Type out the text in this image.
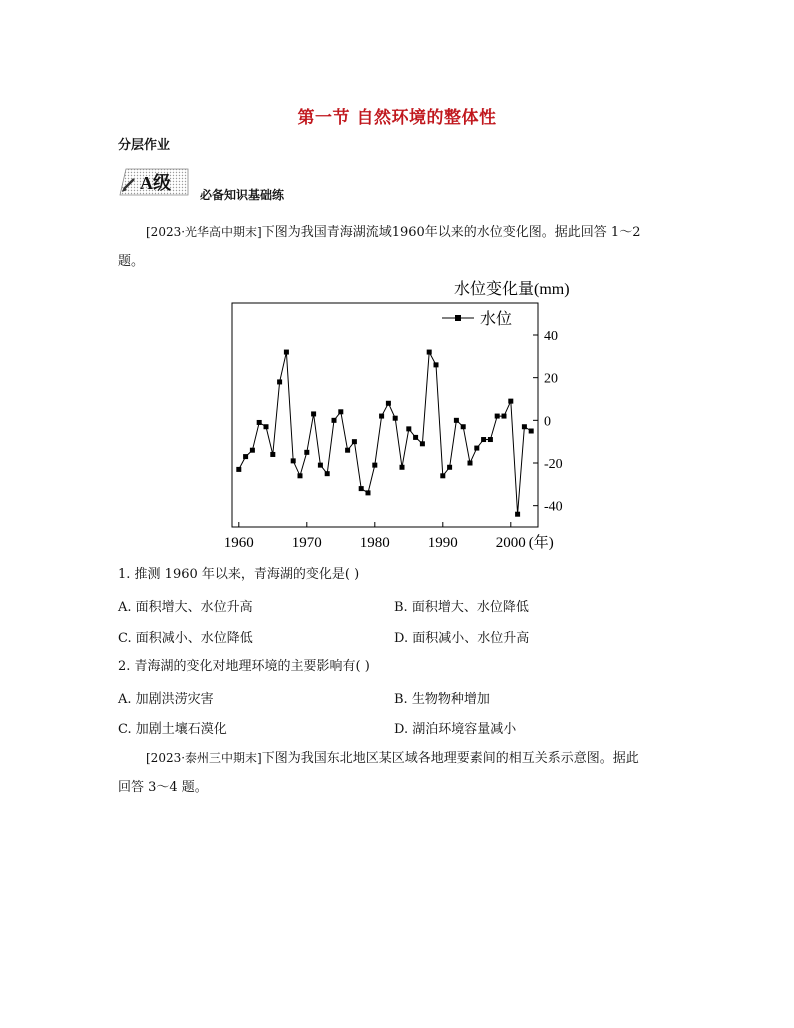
第一节 自然环境的整体性
分层作业
A级
必备知识基础练
[2023·光华高中期末]下图为我国青海湖流域1960年以来的水位变化图。据此回答 1～2
题。
水位变化量(mm)
40
20
0
-20
-40
1960	1970	1980	1990	2000 (年)
水位
1. 推测 1960 年以来，青海湖的变化是( )
A. 面积增大、水位升高	B. 面积增大、水位降低
C. 面积减小、水位降低	D. 面积减小、水位升高
2. 青海湖的变化对地理环境的主要影响有( )
A. 加剧洪涝灾害	B. 生物物种增加
C. 加剧土壤石漠化	D. 湖泊环境容量减小
[2023·泰州三中期末]下图为我国东北地区某区域各地理要素间的相互关系示意图。据此
回答 3～4 题。
